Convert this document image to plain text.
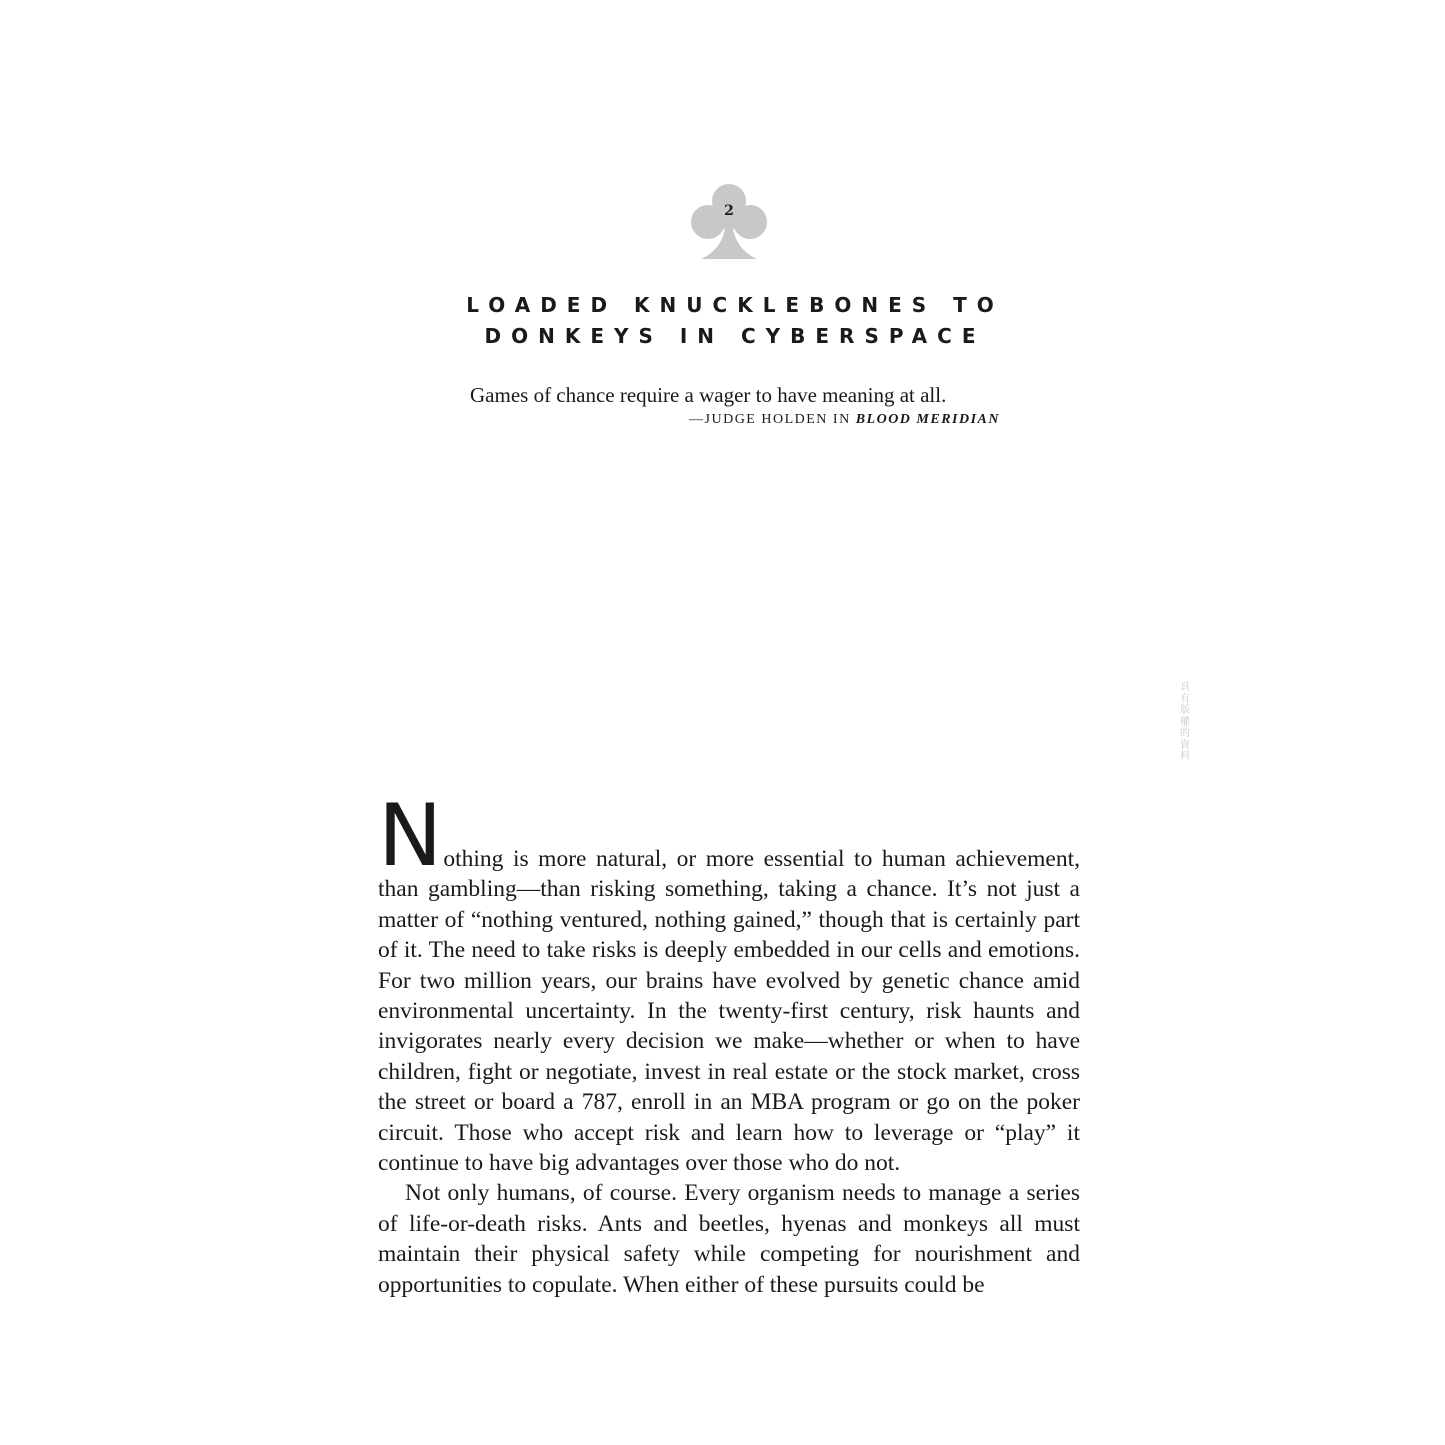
2
LOADED KNUCKLEBONES TO
DONKEYS IN CYBERSPACE
Games of chance require a wager to have meaning at all.
—JUDGE HOLDEN IN BLOOD MERIDIAN
具有版權的資料

Nothing is more natural, or more essential to human achievement, than gambling—than risking something, taking a chance. It’s not just a matter of “nothing ventured, nothing gained,” though that is certainly part of it. The need to take risks is deeply embedded in our cells and emotions. For two million years, our brains have evolved by genetic chance amid environmental uncertainty. In the twenty-first century, risk haunts and invigorates nearly every decision we make—whether or when to have children, fight or negotiate, invest in real estate or the stock market, cross the street or board a 787, enroll in an MBA program or go on the poker circuit. Those who accept risk and learn how to leverage or “play” it continue to have big advantages over those who do not.

Not only humans, of course. Every organism needs to manage a series of life-or-death risks. Ants and beetles, hyenas and monkeys all must maintain their physical safety while competing for nourishment and opportunities to copulate. When either of these pursuits could be
